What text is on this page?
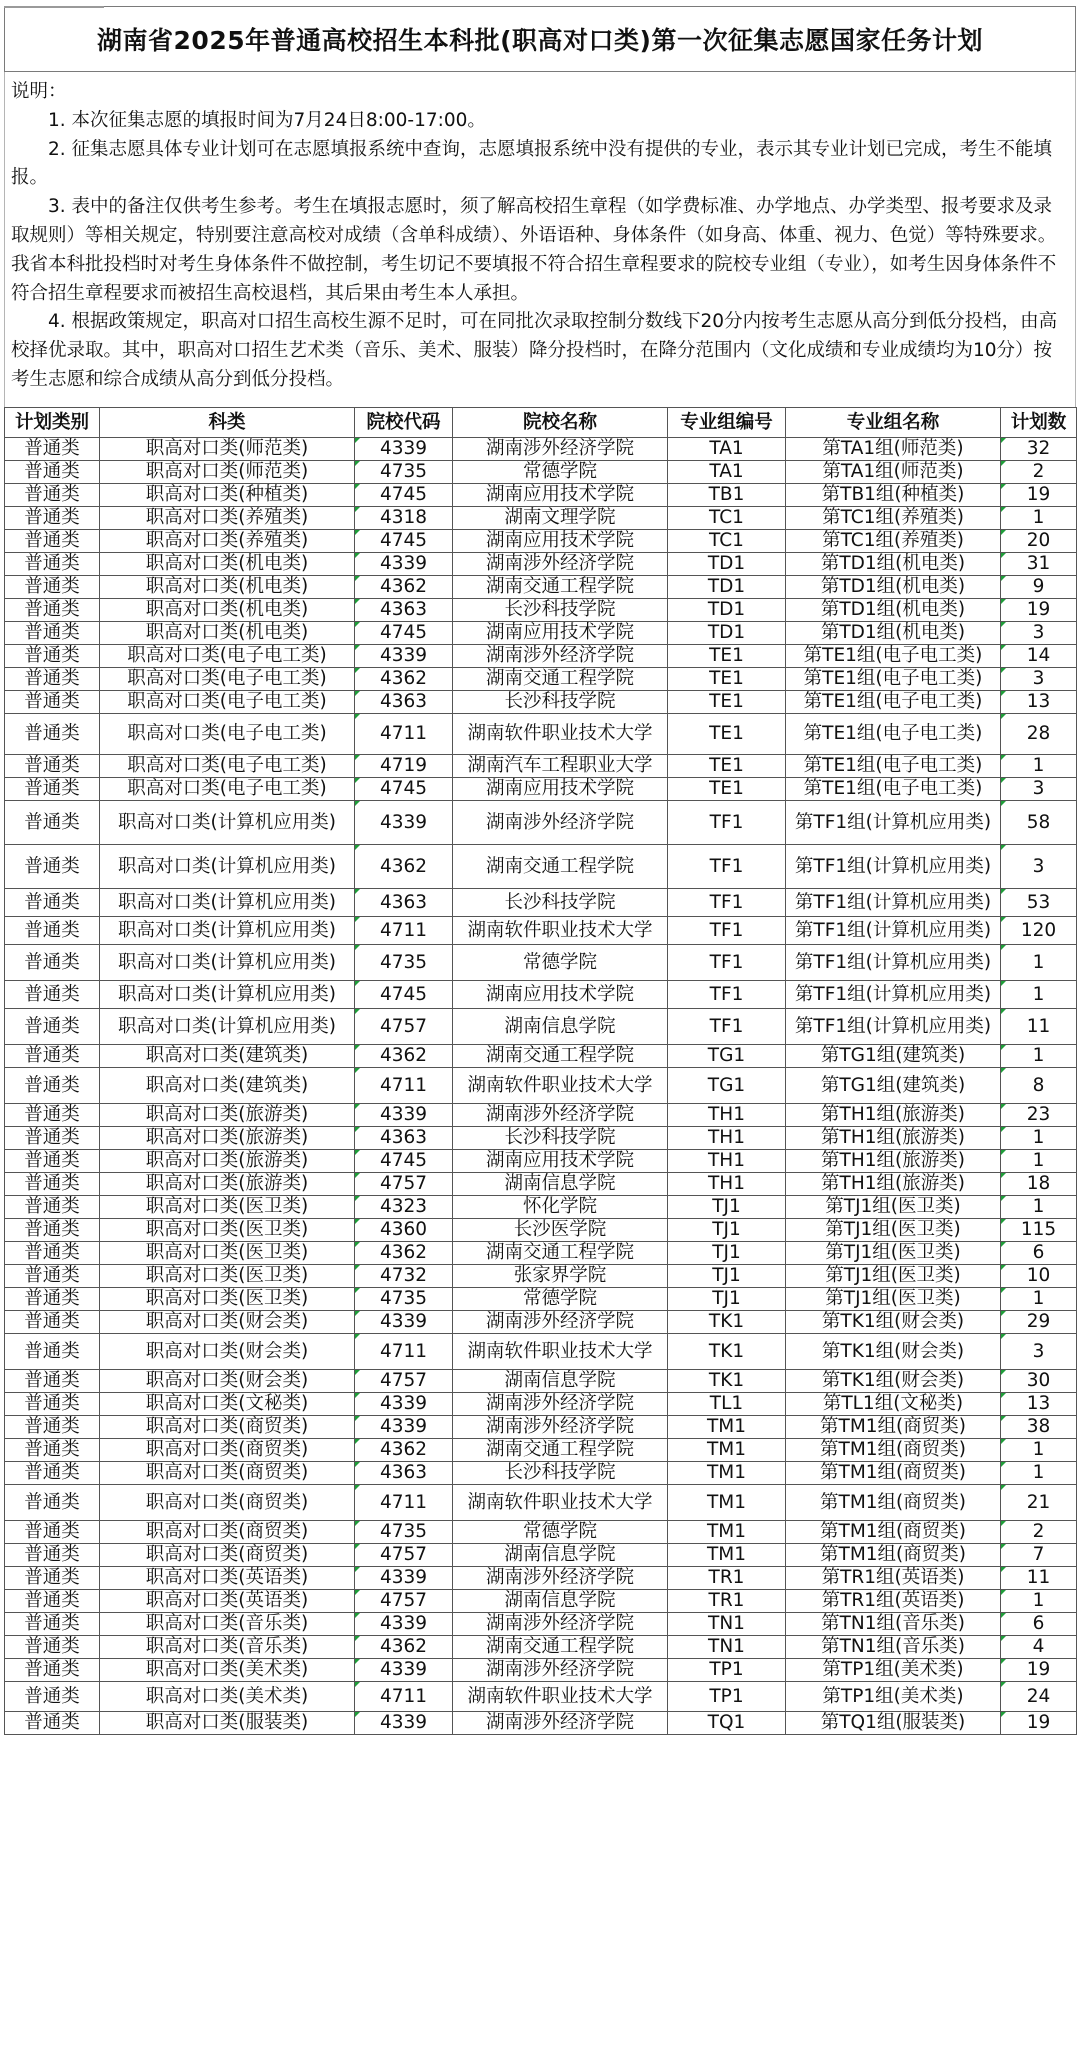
湖南省2025年普通高校招生本科批(职高对口类)第一次征集志愿国家任务计划

说明：

1. 本次征集志愿的填报时间为7月24日8:00-17:00。

2. 征集志愿具体专业计划可在志愿填报系统中查询，志愿填报系统中没有提供的专业，表示其专业计划已完成，考生不能填报。

3. 表中的备注仅供考生参考。考生在填报志愿时，须了解高校招生章程（如学费标准、办学地点、办学类型、报考要求及录取规则）等相关规定，特别要注意高校对成绩（含单科成绩）、外语语种、身体条件（如身高、体重、视力、色觉）等特殊要求。我省本科批投档时对考生身体条件不做控制，考生切记不要填报不符合招生章程要求的院校专业组（专业），如考生因身体条件不符合招生章程要求而被招生高校退档，其后果由考生本人承担。

4. 根据政策规定，职高对口招生高校生源不足时，可在同批次录取控制分数线下20分内按考生志愿从高分到低分投档，由高校择优录取。其中，职高对口招生艺术类（音乐、美术、服装）降分投档时，在降分范围内（文化成绩和专业成绩均为10分）按考生志愿和综合成绩从高分到低分投档。

计划类别	科类	院校代码	院校名称	专业组编号	专业组名称	计划数
普通类	职高对口类(师范类)	4339	湖南涉外经济学院	TA1	第TA1组(师范类)	32
普通类	职高对口类(师范类)	4735	常德学院	TA1	第TA1组(师范类)	2
普通类	职高对口类(种植类)	4745	湖南应用技术学院	TB1	第TB1组(种植类)	19
普通类	职高对口类(养殖类)	4318	湖南文理学院	TC1	第TC1组(养殖类)	1
普通类	职高对口类(养殖类)	4745	湖南应用技术学院	TC1	第TC1组(养殖类)	20
普通类	职高对口类(机电类)	4339	湖南涉外经济学院	TD1	第TD1组(机电类)	31
普通类	职高对口类(机电类)	4362	湖南交通工程学院	TD1	第TD1组(机电类)	9
普通类	职高对口类(机电类)	4363	长沙科技学院	TD1	第TD1组(机电类)	19
普通类	职高对口类(机电类)	4745	湖南应用技术学院	TD1	第TD1组(机电类)	3
普通类	职高对口类(电子电工类)	4339	湖南涉外经济学院	TE1	第TE1组(电子电工类)	14
普通类	职高对口类(电子电工类)	4362	湖南交通工程学院	TE1	第TE1组(电子电工类)	3
普通类	职高对口类(电子电工类)	4363	长沙科技学院	TE1	第TE1组(电子电工类)	13
普通类	职高对口类(电子电工类)	4711	湖南软件职业技术大学	TE1	第TE1组(电子电工类)	28
普通类	职高对口类(电子电工类)	4719	湖南汽车工程职业大学	TE1	第TE1组(电子电工类)	1
普通类	职高对口类(电子电工类)	4745	湖南应用技术学院	TE1	第TE1组(电子电工类)	3
普通类	职高对口类(计算机应用类)	4339	湖南涉外经济学院	TF1	第TF1组(计算机应用类)	58
普通类	职高对口类(计算机应用类)	4362	湖南交通工程学院	TF1	第TF1组(计算机应用类)	3
普通类	职高对口类(计算机应用类)	4363	长沙科技学院	TF1	第TF1组(计算机应用类)	53
普通类	职高对口类(计算机应用类)	4711	湖南软件职业技术大学	TF1	第TF1组(计算机应用类)	120
普通类	职高对口类(计算机应用类)	4735	常德学院	TF1	第TF1组(计算机应用类)	1
普通类	职高对口类(计算机应用类)	4745	湖南应用技术学院	TF1	第TF1组(计算机应用类)	1
普通类	职高对口类(计算机应用类)	4757	湖南信息学院	TF1	第TF1组(计算机应用类)	11
普通类	职高对口类(建筑类)	4362	湖南交通工程学院	TG1	第TG1组(建筑类)	1
普通类	职高对口类(建筑类)	4711	湖南软件职业技术大学	TG1	第TG1组(建筑类)	8
普通类	职高对口类(旅游类)	4339	湖南涉外经济学院	TH1	第TH1组(旅游类)	23
普通类	职高对口类(旅游类)	4363	长沙科技学院	TH1	第TH1组(旅游类)	1
普通类	职高对口类(旅游类)	4745	湖南应用技术学院	TH1	第TH1组(旅游类)	1
普通类	职高对口类(旅游类)	4757	湖南信息学院	TH1	第TH1组(旅游类)	18
普通类	职高对口类(医卫类)	4323	怀化学院	TJ1	第TJ1组(医卫类)	1
普通类	职高对口类(医卫类)	4360	长沙医学院	TJ1	第TJ1组(医卫类)	115
普通类	职高对口类(医卫类)	4362	湖南交通工程学院	TJ1	第TJ1组(医卫类)	6
普通类	职高对口类(医卫类)	4732	张家界学院	TJ1	第TJ1组(医卫类)	10
普通类	职高对口类(医卫类)	4735	常德学院	TJ1	第TJ1组(医卫类)	1
普通类	职高对口类(财会类)	4339	湖南涉外经济学院	TK1	第TK1组(财会类)	29
普通类	职高对口类(财会类)	4711	湖南软件职业技术大学	TK1	第TK1组(财会类)	3
普通类	职高对口类(财会类)	4757	湖南信息学院	TK1	第TK1组(财会类)	30
普通类	职高对口类(文秘类)	4339	湖南涉外经济学院	TL1	第TL1组(文秘类)	13
普通类	职高对口类(商贸类)	4339	湖南涉外经济学院	TM1	第TM1组(商贸类)	38
普通类	职高对口类(商贸类)	4362	湖南交通工程学院	TM1	第TM1组(商贸类)	1
普通类	职高对口类(商贸类)	4363	长沙科技学院	TM1	第TM1组(商贸类)	1
普通类	职高对口类(商贸类)	4711	湖南软件职业技术大学	TM1	第TM1组(商贸类)	21
普通类	职高对口类(商贸类)	4735	常德学院	TM1	第TM1组(商贸类)	2
普通类	职高对口类(商贸类)	4757	湖南信息学院	TM1	第TM1组(商贸类)	7
普通类	职高对口类(英语类)	4339	湖南涉外经济学院	TR1	第TR1组(英语类)	11
普通类	职高对口类(英语类)	4757	湖南信息学院	TR1	第TR1组(英语类)	1
普通类	职高对口类(音乐类)	4339	湖南涉外经济学院	TN1	第TN1组(音乐类)	6
普通类	职高对口类(音乐类)	4362	湖南交通工程学院	TN1	第TN1组(音乐类)	4
普通类	职高对口类(美术类)	4339	湖南涉外经济学院	TP1	第TP1组(美术类)	19
普通类	职高对口类(美术类)	4711	湖南软件职业技术大学	TP1	第TP1组(美术类)	24
普通类	职高对口类(服装类)	4339	湖南涉外经济学院	TQ1	第TQ1组(服装类)	19
